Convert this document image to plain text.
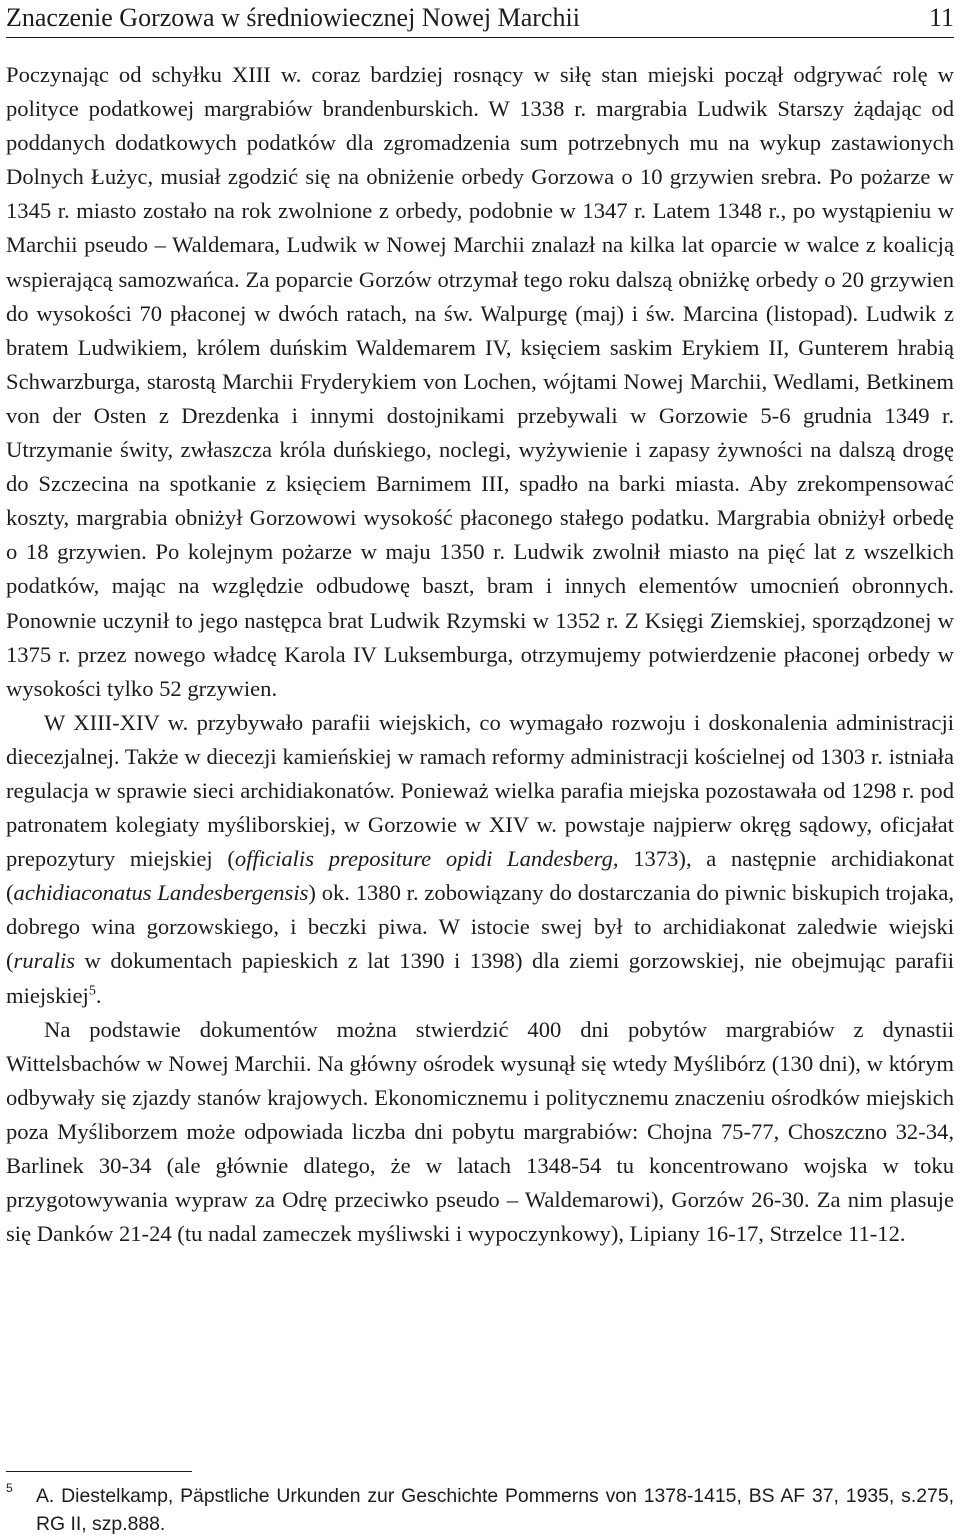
Znaczenie Gorzowa w średniowiecznej Nowej Marchii	11

Poczynając od schyłku XIII w. coraz bardziej rosnący w siłę stan miejski począł odgrywać rolę w polityce podatkowej margrabiów brandenburskich. W 1338 r. margrabia Ludwik Starszy żądając od poddanych dodatkowych podatków dla zgromadzenia sum potrzebnych mu na wykup zastawionych Dolnych Łużyc, musiał zgodzić się na obniżenie orbedy Gorzowa o 10 grzywien srebra. Po pożarze w 1345 r. miasto zostało na rok zwolnione z orbedy, podobnie w 1347 r. Latem 1348 r., po wystąpieniu w Marchii pseudo – Waldemara, Ludwik w Nowej Marchii znalazł na kilka lat oparcie w walce z koalicją wspierającą samozwańca. Za poparcie Gorzów otrzymał tego roku dalszą obniżkę orbedy o 20 grzywien do wysokości 70 płaconej w dwóch ratach, na św. Walpurgę (maj) i św. Marcina (listopad). Ludwik z bratem Ludwikiem, królem duńskim Waldemarem IV, księciem saskim Erykiem II, Gunterem hrabią Schwarzburga, starostą Marchii Fryderykiem von Lochen, wójtami Nowej Marchii, Wedlami, Betkinem von der Osten z Drezdenka i innymi dostojnikami przebywali w Gorzowie 5-6 grudnia 1349 r. Utrzymanie świty, zwłaszcza króla duńskiego, noclegi, wyżywienie i zapasy żywności na dalszą drogę do Szczecina na spotkanie z księciem Barnimem III, spadło na barki miasta. Aby zrekompensować koszty, margrabia obniżył Gorzowowi wysokość płaconego stałego podatku. Margrabia obniżył orbedę o 18 grzywien. Po kolejnym pożarze w maju 1350 r. Ludwik zwolnił miasto na pięć lat z wszelkich podatków, mając na względzie odbudowę baszt, bram i innych elementów umocnień obronnych. Ponownie uczynił to jego następca brat Ludwik Rzymski w 1352 r. Z Księgi Ziemskiej, sporządzonej w 1375 r. przez nowego władcę Karola IV Luksemburga, otrzymujemy potwierdzenie płaconej orbedy w wysokości tylko 52 grzywien.

W XIII-XIV w. przybywało parafii wiejskich, co wymagało rozwoju i doskonalenia administracji diecezjalnej. Także w diecezji kamieńskiej w ramach reformy administracji kościelnej od 1303 r. istniała regulacja w sprawie sieci archidiakonatów. Ponieważ wielka parafia miejska pozostawała od 1298 r. pod patronatem kolegiaty myśliborskiej, w Gorzowie w XIV w. powstaje najpierw okręg sądowy, oficjałat prepozytury miejskiej (officialis prepositure opidi Landesberg, 1373), a następnie archidiakonat (achidiaconatus Landesbergensis) ok. 1380 r. zobowiązany do dostarczania do piwnic biskupich trojaka, dobrego wina gorzowskiego, i beczki piwa. W istocie swej był to archidiakonat zaledwie wiejski (ruralis w dokumentach papieskich z lat 1390 i 1398) dla ziemi gorzowskiej, nie obejmując parafii miejskiej$^5$.

Na podstawie dokumentów można stwierdzić 400 dni pobytów margrabiów z dynastii Wittelsbachów w Nowej Marchii. Na główny ośrodek wysunął się wtedy Myślibórz (130 dni), w którym odbywały się zjazdy stanów krajowych. Ekonomicznemu i politycznemu znaczeniu ośrodków miejskich poza Myśliborzem może odpowiada liczba dni pobytu margrabiów: Chojna 75-77, Choszczno 32-34, Barlinek 30-34 (ale głównie dlatego, że w latach 1348-54 tu koncentrowano wojska w toku przygotowywania wypraw za Odrę przeciwko pseudo – Waldemarowi), Gorzów 26-30. Za nim plasuje się Danków 21-24 (tu nadal zameczek myśliwski i wypoczynkowy), Lipiany 16-17, Strzelce 11-12.

5	A. Diestelkamp, Päpstliche Urkunden zur Geschichte Pommerns von 1378-1415, BS AF 37, 1935, s.275, RG II, szp.888.
